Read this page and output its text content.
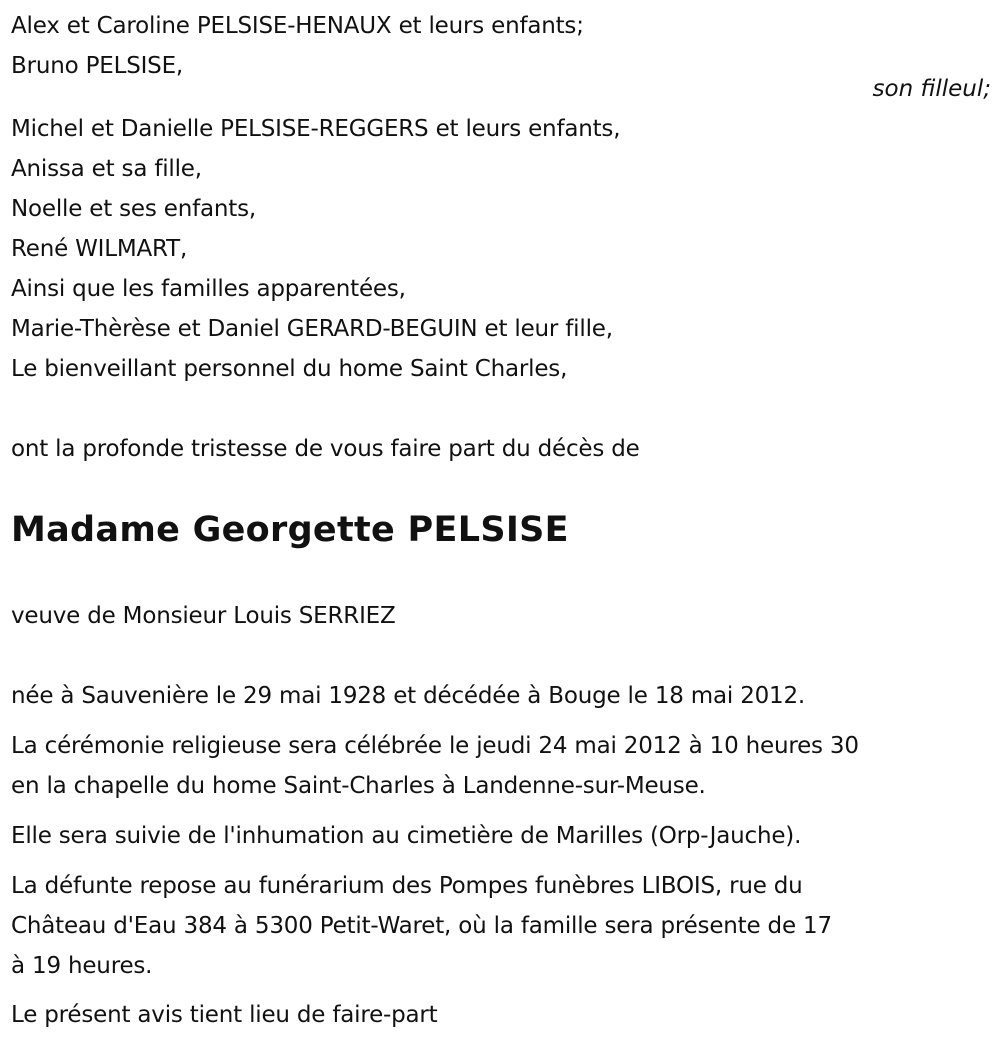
Alex et Caroline PELSISE-HENAUX et leurs enfants;
Bruno PELSISE,
son filleul;
Michel et Danielle PELSISE-REGGERS et leurs enfants,
Anissa et sa fille,
Noelle et ses enfants,
René WILMART,
Ainsi que les familles apparentées,
Marie-Thèrèse et Daniel GERARD-BEGUIN et leur fille,
Le bienveillant personnel du home Saint Charles,
ont la profonde tristesse de vous faire part du décès de
Madame Georgette PELSISE
veuve de Monsieur Louis SERRIEZ
née à Sauvenière le 29 mai 1928 et décédée à Bouge le 18 mai 2012.
La cérémonie religieuse sera célébrée le jeudi 24 mai 2012 à 10 heures 30
en la chapelle du home Saint-Charles à Landenne-sur-Meuse.
Elle sera suivie de l'inhumation au cimetière de Marilles (Orp-Jauche).
La défunte repose au funérarium des Pompes funèbres LIBOIS, rue du
Château d'Eau 384 à 5300 Petit-Waret, où la famille sera présente de 17
à 19 heures.
Le présent avis tient lieu de faire-part
